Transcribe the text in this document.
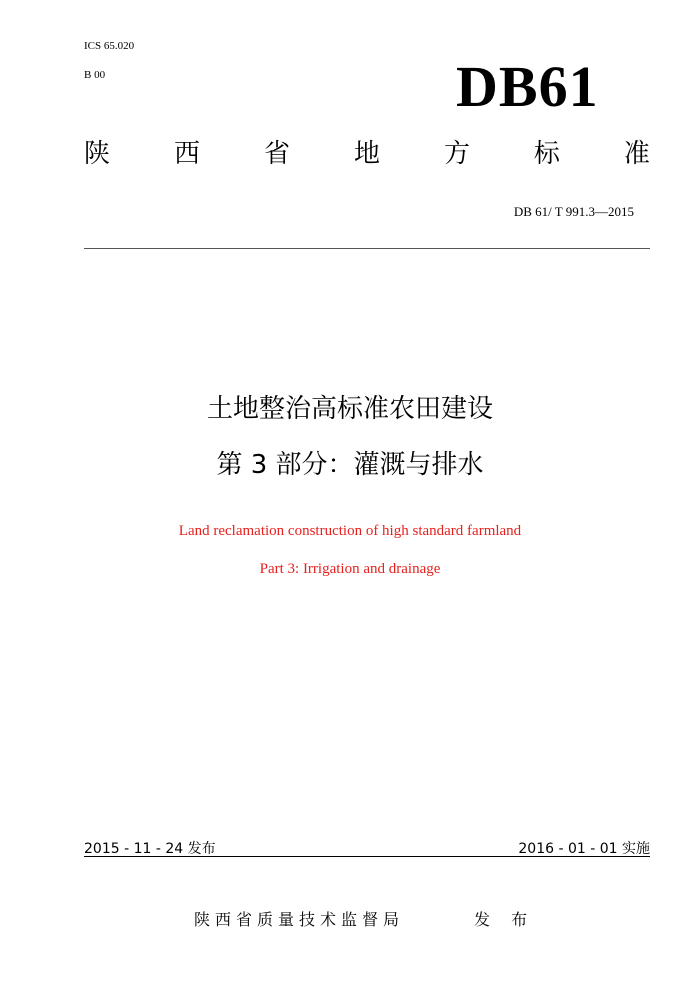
ICS 65.020
B 00	DB61
陕 西 省 地 方 标 准
DB 61/ T 991.3—2015
土地整治高标准农田建设
第 3 部分：灌溉与排水
Land reclamation construction of high standard farmland
Part 3: Irrigation and drainage
2015 - 11 - 24 发布	2016 - 01 - 01 实施
陕西省质量技术监督局	发 布
